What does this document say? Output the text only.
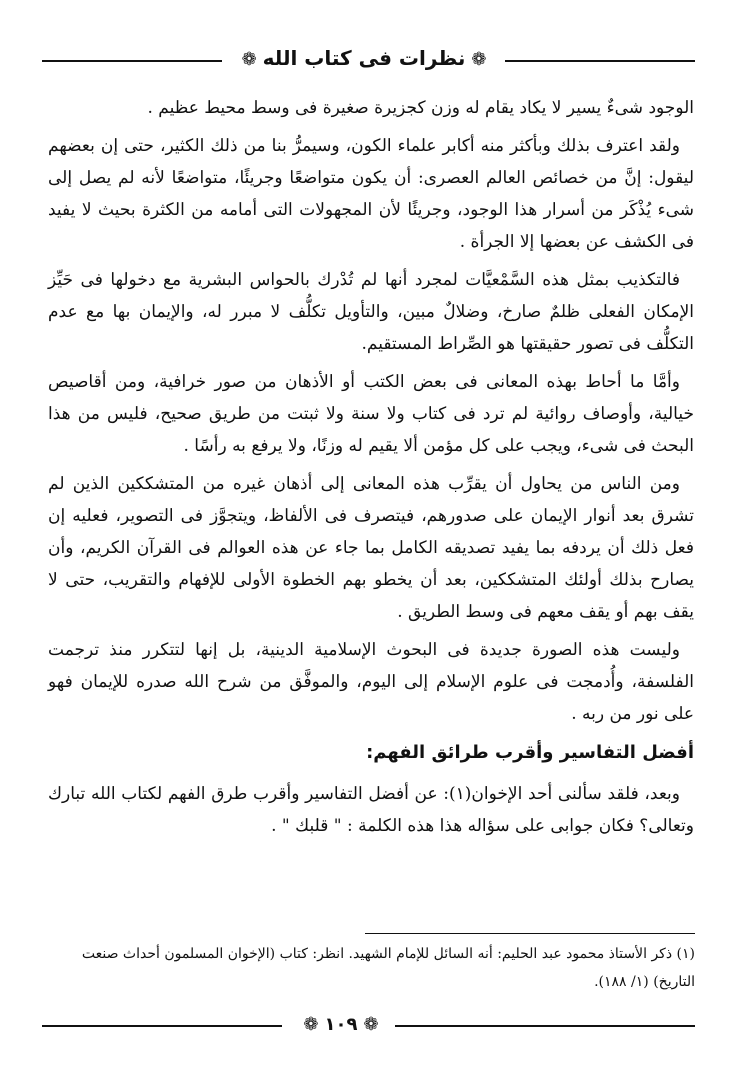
❁نظرات فى كتاب الله❁

الوجود شىءٌ يسير لا يكاد يقام له وزن كجزيرة صغيرة فى وسط محيط عظيم .

ولقد اعترف بذلك وبأكثر منه أكابر علماء الكون، وسيمرُّ بنا من ذلك الكثير، حتى إن بعضهم ليقول: إنَّ من خصائص العالم العصرى: أن يكون متواضعًا وجريئًا، متواضعًا لأنه لم يصل إلى شىء يُذْكَر من أسرار هذا الوجود، وجريئًا لأن المجهولات التى أمامه من الكثرة بحيث لا يفيد فى الكشف عن بعضها إلا الجرأة .

فالتكذيب بمثل هذه السَّمْعيَّات لمجرد أنها لم تُدْرك بالحواس البشرية مع دخولها فى حَيِّز الإمكان الفعلى ظلمٌ صارخ، وضلالٌ مبين، والتأويل تكلُّف لا مبرر له، والإيمان بها مع عدم التكلُّف فى تصور حقيقتها هو الصِّراط المستقيم.

وأمَّا ما أحاط بهذه المعانى فى بعض الكتب أو الأذهان من صور خرافية، ومن أقاصيص خيالية، وأوصاف روائية لم ترد فى كتاب ولا سنة ولا ثبتت من طريق صحيح، فليس من هذا البحث فى شىء، ويجب على كل مؤمن ألا يقيم له وزنًا، ولا يرفع به رأسًا .

ومن الناس من يحاول أن يقرِّب هذه المعانى إلى أذهان غيره من المتشككين الذين لم تشرق بعد أنوار الإيمان على صدورهم، فيتصرف فى الألفاظ، ويتجوَّز فى التصوير، فعليه إن فعل ذلك أن يردفه بما يفيد تصديقه الكامل بما جاء عن هذه العوالم فى القرآن الكريم، وأن يصارح بذلك أولئك المتشككين، بعد أن يخطو بهم الخطوة الأولى للإفهام والتقريب، حتى لا يقف بهم أو يقف معهم فى وسط الطريق .

وليست هذه الصورة جديدة فى البحوث الإسلامية الدينية، بل إنها لتتكرر منذ ترجمت الفلسفة، وأُدمجت فى علوم الإسلام إلى اليوم، والموفَّق من شرح الله صدره للإيمان فهو على نور من ربه .

أفضل التفاسير وأقرب طرائق الفهم:

وبعد، فلقد سألنى أحد الإخوان(١): عن أفضل التفاسير وأقرب طرق الفهم لكتاب الله تبارك وتعالى؟ فكان جوابى على سؤاله هذا هذه الكلمة : " قلبك " .

(١) ذكر الأستاذ محمود عبد الحليم: أنه السائل للإمام الشهيد. انظر: كتاب (الإخوان المسلمون أحداث صنعت التاريخ) (١/ ١٨٨).
❁١٠٩❁
